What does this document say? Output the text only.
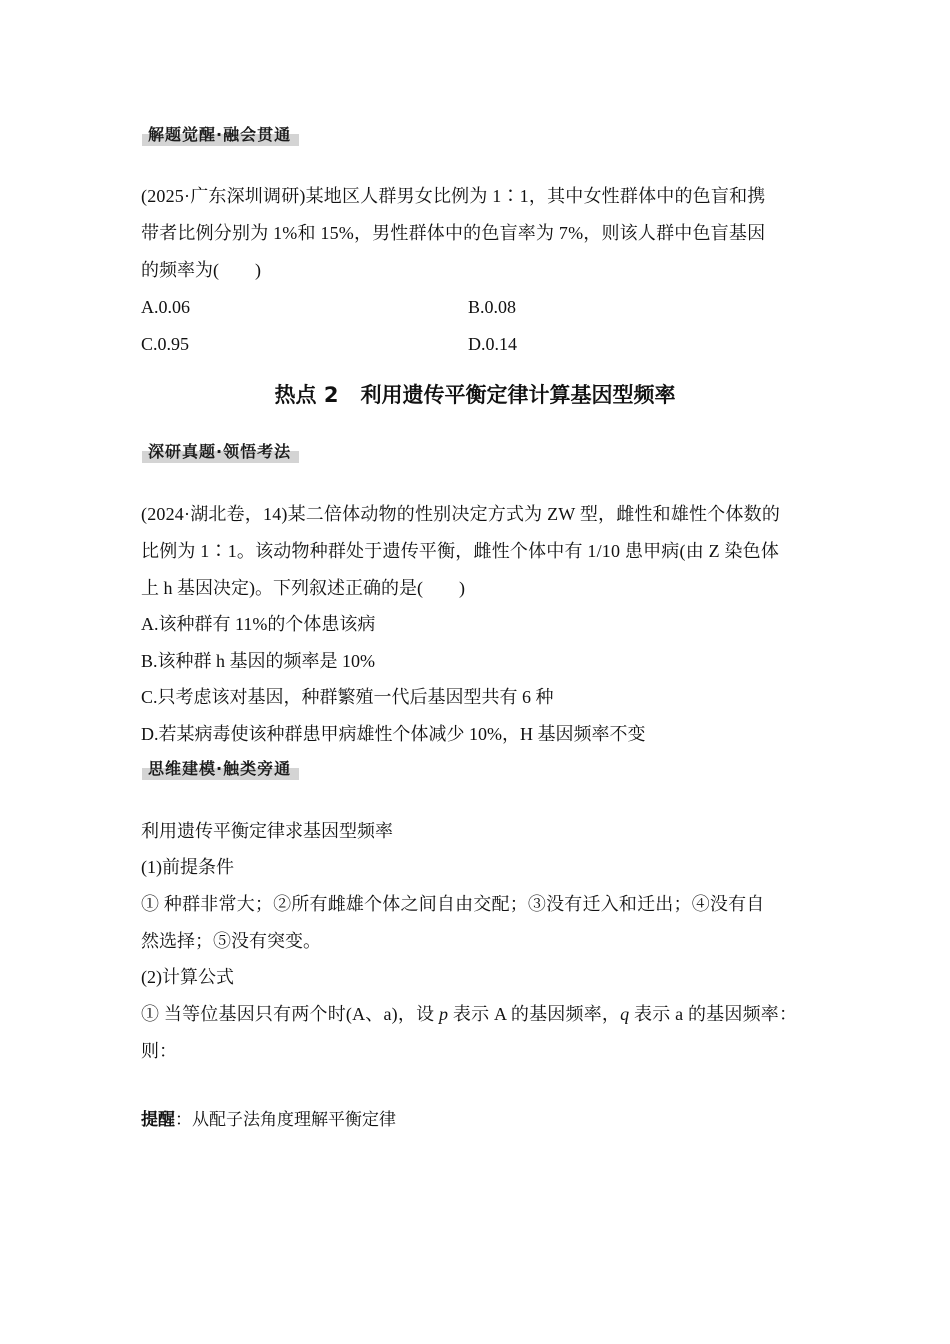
解题觉醒·融会贯通
(2025·广东深圳调研)某地区人群男女比例为 1∶1，其中女性群体中的色盲和携
带者比例分别为 1%和 15%，男性群体中的色盲率为 7%，则该人群中色盲基因
的频率为(　　)
A.0.06	B.0.08
C.0.95	D.0.14
热点 2 利用遗传平衡定律计算基因型频率
深研真题·领悟考法
(2024·湖北卷，14)某二倍体动物的性别决定方式为 ZW 型，雌性和雄性个体数的
比例为 1∶1。该动物种群处于遗传平衡，雌性个体中有 1/10 患甲病(由 Z 染色体
上 h 基因决定)。下列叙述正确的是(　　)
A.该种群有 11%的个体患该病
B.该种群 h 基因的频率是 10%
C.只考虑该对基因，种群繁殖一代后基因型共有 6 种
D.若某病毒使该种群患甲病雄性个体减少 10%，H 基因频率不变
思维建模·触类旁通
利用遗传平衡定律求基因型频率
(1)前提条件
① 种群非常大；②所有雌雄个体之间自由交配；③没有迁入和迁出；④没有自
然选择；⑤没有突变。
(2)计算公式
① 当等位基因只有两个时(A、a)，设 p 表示 A 的基因频率，q 表示 a 的基因频率：
则：
提醒：从配子法角度理解平衡定律
